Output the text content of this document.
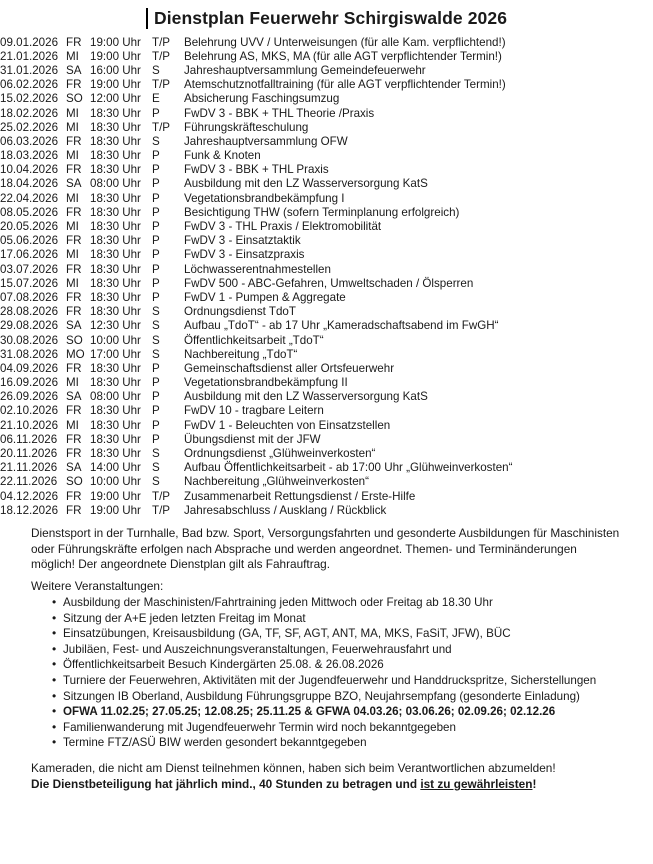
Dienstplan Feuerwehr Schirgiswalde 2026
09.01.2026	FR	19:00 Uhr	T/P	Belehrung UVV / Unterweisungen (für alle Kam. verpflichtend!)
21.01.2026	MI	19:00 Uhr	T/P	Belehrung AS, MKS, MA (für alle AGT verpflichtender Termin!)
31.01.2026	SA	16:00 Uhr	S	Jahreshauptversammlung Gemeindefeuerwehr
06.02.2026	FR	19:00 Uhr	T/P	Atemschutznotfalltraining (für alle AGT verpflichtender Termin!)
15.02.2026	SO	12:00 Uhr	E	Absicherung Faschingsumzug
18.02.2026	MI	18:30 Uhr	P	FwDV 3 - BBK + THL Theorie /Praxis
25.02.2026	MI	18:30 Uhr	T/P	Führungskräfteschulung
06.03.2026	FR	18:30 Uhr	S	Jahreshauptversammlung OFW
18.03.2026	MI	18:30 Uhr	P	Funk & Knoten
10.04.2026	FR	18:30 Uhr	P	FwDV 3 - BBK + THL Praxis
18.04.2026	SA	08:00 Uhr	P	Ausbildung mit den LZ Wasserversorgung KatS
22.04.2026	MI	18:30 Uhr	P	Vegetationsbrandbekämpfung I
08.05.2026	FR	18:30 Uhr	P	Besichtigung THW (sofern Terminplanung erfolgreich)
20.05.2026	MI	18:30 Uhr	P	FwDV 3 - THL Praxis / Elektromobilität
05.06.2026	FR	18:30 Uhr	P	FwDV 3 - Einsatztaktik
17.06.2026	MI	18:30 Uhr	P	FwDV 3 - Einsatzpraxis
03.07.2026	FR	18:30 Uhr	P	Löchwasserentnahmestellen
15.07.2026	MI	18:30 Uhr	P	FwDV 500 - ABC-Gefahren, Umweltschaden / Ölsperren
07.08.2026	FR	18:30 Uhr	P	FwDV 1 - Pumpen & Aggregate
28.08.2026	FR	18:30 Uhr	S	Ordnungsdienst TdoT
29.08.2026	SA	12:30 Uhr	S	Aufbau „TdoT“ - ab 17 Uhr „Kameradschaftsabend im FwGH“
30.08.2026	SO	10:00 Uhr	S	Öffentlichkeitsarbeit „TdoT“
31.08.2026	MO	17:00 Uhr	S	Nachbereitung „TdoT“
04.09.2026	FR	18:30 Uhr	P	Gemeinschaftsdienst aller Ortsfeuerwehr
16.09.2026	MI	18:30 Uhr	P	Vegetationsbrandbekämpfung II
26.09.2026	SA	08:00 Uhr	P	Ausbildung mit den LZ Wasserversorgung KatS
02.10.2026	FR	18:30 Uhr	P	FwDV 10 - tragbare Leitern
21.10.2026	MI	18:30 Uhr	P	FwDV 1 - Beleuchten von Einsatzstellen
06.11.2026	FR	18:30 Uhr	P	Übungsdienst mit der JFW
20.11.2026	FR	18:30 Uhr	S	Ordnungsdienst „Glühweinverkosten“
21.11.2026	SA	14:00 Uhr	S	Aufbau Öffentlichkeitsarbeit - ab 17:00 Uhr „Glühweinverkosten“
22.11.2026	SO	10:00 Uhr	S	Nachbereitung „Glühweinverkosten“
04.12.2026	FR	19:00 Uhr	T/P	Zusammenarbeit Rettungsdienst / Erste-Hilfe
18.12.2026	FR	19:00 Uhr	T/P	Jahresabschluss / Ausklang / Rückblick
Dienstsport in der Turnhalle, Bad bzw. Sport, Versorgungsfahrten und gesonderte Ausbildungen für Maschinisten oder Führungskräfte erfolgen nach Absprache und werden angeordnet. Themen- und Terminänderungen möglich! Der angeordnete Dienstplan gilt als Fahrauftrag.
Weitere Veranstaltungen:
• Ausbildung der Maschinisten/Fahrtraining jeden Mittwoch oder Freitag ab 18.30 Uhr
• Sitzung der A+E jeden letzten Freitag im Monat
• Einsatzübungen, Kreisausbildung (GA, TF, SF, AGT, ANT, MA, MKS, FaSiT, JFW), BÜC
• Jubiläen, Fest- und Auszeichnungsveranstaltungen, Feuerwehrausfahrt und
• Öffentlichkeitsarbeit Besuch Kindergärten 25.08. & 26.08.2026
• Turniere der Feuerwehren, Aktivitäten mit der Jugendfeuerwehr und Handdruckspritze, Sicherstellungen
• Sitzungen IB Oberland, Ausbildung Führungsgruppe BZO, Neujahrsempfang (gesonderte Einladung)
• OFWA 11.02.25; 27.05.25; 12.08.25; 25.11.25 & GFWA 04.03.26; 03.06.26; 02.09.26; 02.12.26
• Familienwanderung mit Jugendfeuerwehr Termin wird noch bekanntgegeben
• Termine FTZ/ASÜ BIW werden gesondert bekanntgegeben
Kameraden, die nicht am Dienst teilnehmen können, haben sich beim Verantwortlichen abzumelden!
Die Dienstbeteiligung hat jährlich mind., 40 Stunden zu betragen und ist zu gewährleisten!
